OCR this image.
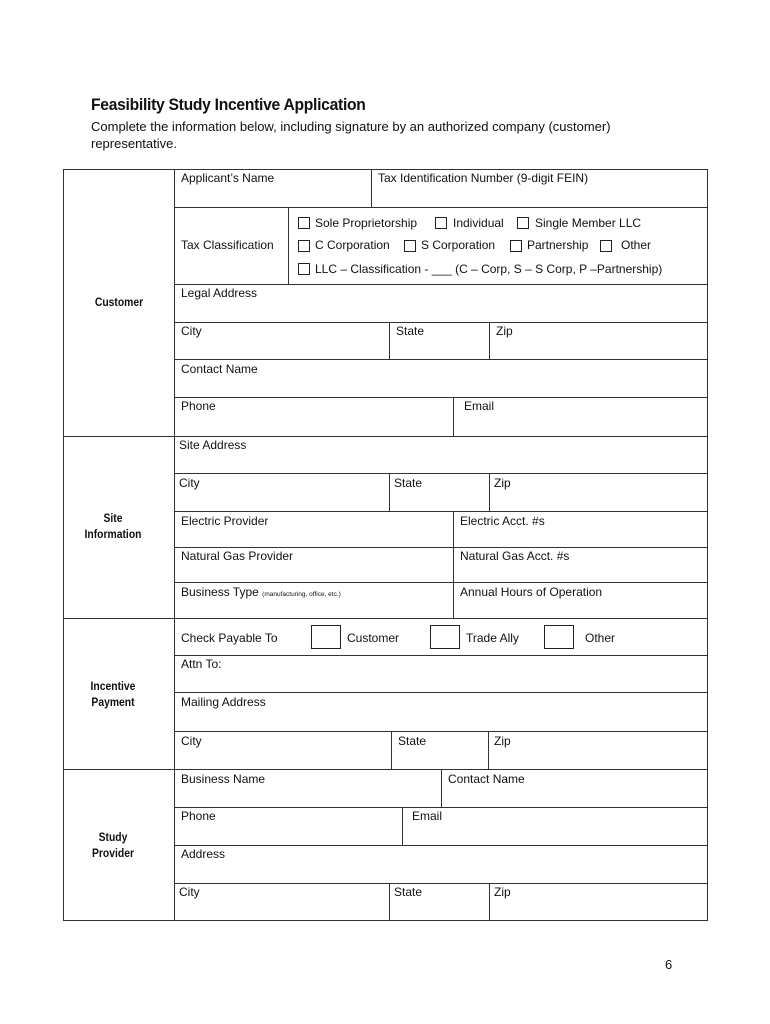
Feasibility Study Incentive Application
Complete the information below, including signature by an authorized company (customer)
representative.
Customer
Site
Information
Incentive
Payment
Study
Provider
Applicant’s Name	Tax Identification Number (9-digit FEIN)
Tax Classification
Sole Proprietorship	Individual	Single Member LLC
C Corporation	S Corporation	Partnership	Other
LLC – Classification - ___ (C – Corp, S – S Corp, P –Partnership)
Legal Address
City	State	Zip
Contact Name
Phone	Email
Site Address
City	State	Zip
Electric Provider	Electric Acct. #s
Natural Gas Provider	Natural Gas Acct. #s
Business Type (manufacturing, office, etc.)	Annual Hours of Operation
Check Payable To	Customer	Trade Ally	Other
Attn To:
Mailing Address
City	State	Zip
Business Name	Contact Name
Phone	Email
Address
City	State	Zip
6
